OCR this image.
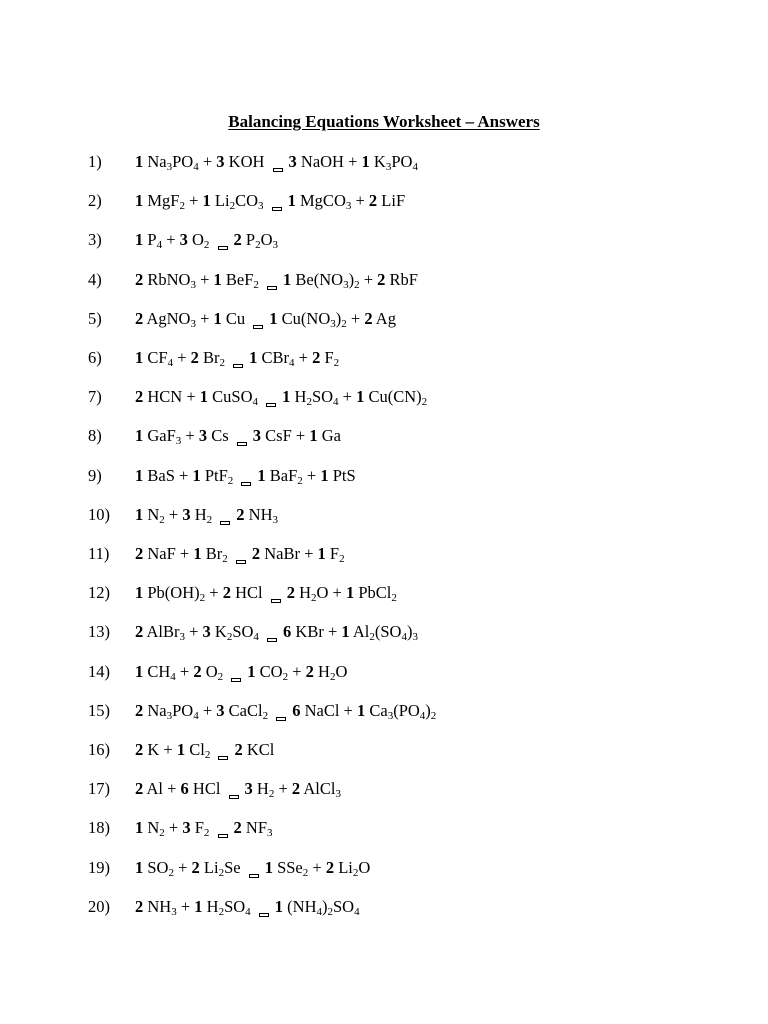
Balancing Equations Worksheet – Answers
1) 1 $Na_3PO_4 + 3$ KOH 3 NaOH + 1 $K_3PO_4$
2) 1 MgF$_2$ + 1 $Li_2CO_3$ 1 MgCO$_3$ + 2 LiF
3) 1 $P_4 + 3$ $O_2$ 2 $P_2O_3$
4) 2 RbNO$_3$ + 1 BeF$_2$ 1 $Be(NO_3)_2 + 2$ RbF
5) 2 AgNO$_3$ + 1 Cu 1 $Cu(NO_3)_2 + 2$ Ag
6) 1 $CF_4 + 2$ $Br_2$ 1 CBr$_4$ + 2 $F_2$
7) 2 HCN + 1 CuSO$_4$ 1 $H_2SO_4 + 1$ $Cu(CN)_2$
8) 1 GaF$_3$ + 3 Cs 3 CsF + 1 Ga
9) 1 BaS + 1 PtF$_2$ 1 BaF$_2$ + 1 PtS
10) 1 $N_2 + 3$ $H_2$ 2 $NH_3$
11) 2 NaF + 1 $Br_2$ 2 NaBr + 1 $F_2$
12) 1 $Pb(OH)_2 + 2$ HCl 2 $H_2O + 1$ PbCl$_2$
13) 2 AlBr$_3$ + 3 $K_2SO_4$ 6 KBr + 1 $Al_2(SO_4)_3$
14) 1 $CH_4 + 2$ $O_2$ 1 $CO_2 + 2$ $H_2O$
15) 2 $Na_3PO_4 + 3$ CaCl$_2$ 6 NaCl + 1 $Ca_3(PO_4)_2$
16) 2 K + 1 $Cl_2$ 2 KCl
17) 2 Al + 6 HCl 3 $H_2 + 2$ AlCl$_3$
18) 1 $N_2 + 3$ $F_2$ 2 $NF_3$
19) 1 $SO_2 + 2$ $Li_2Se$ 1 SSe$_2$ + 2 $Li_2O$
20) 2 $NH_3 + 1$ $H_2SO_4$ 1 $(NH_4)_2SO_4$
